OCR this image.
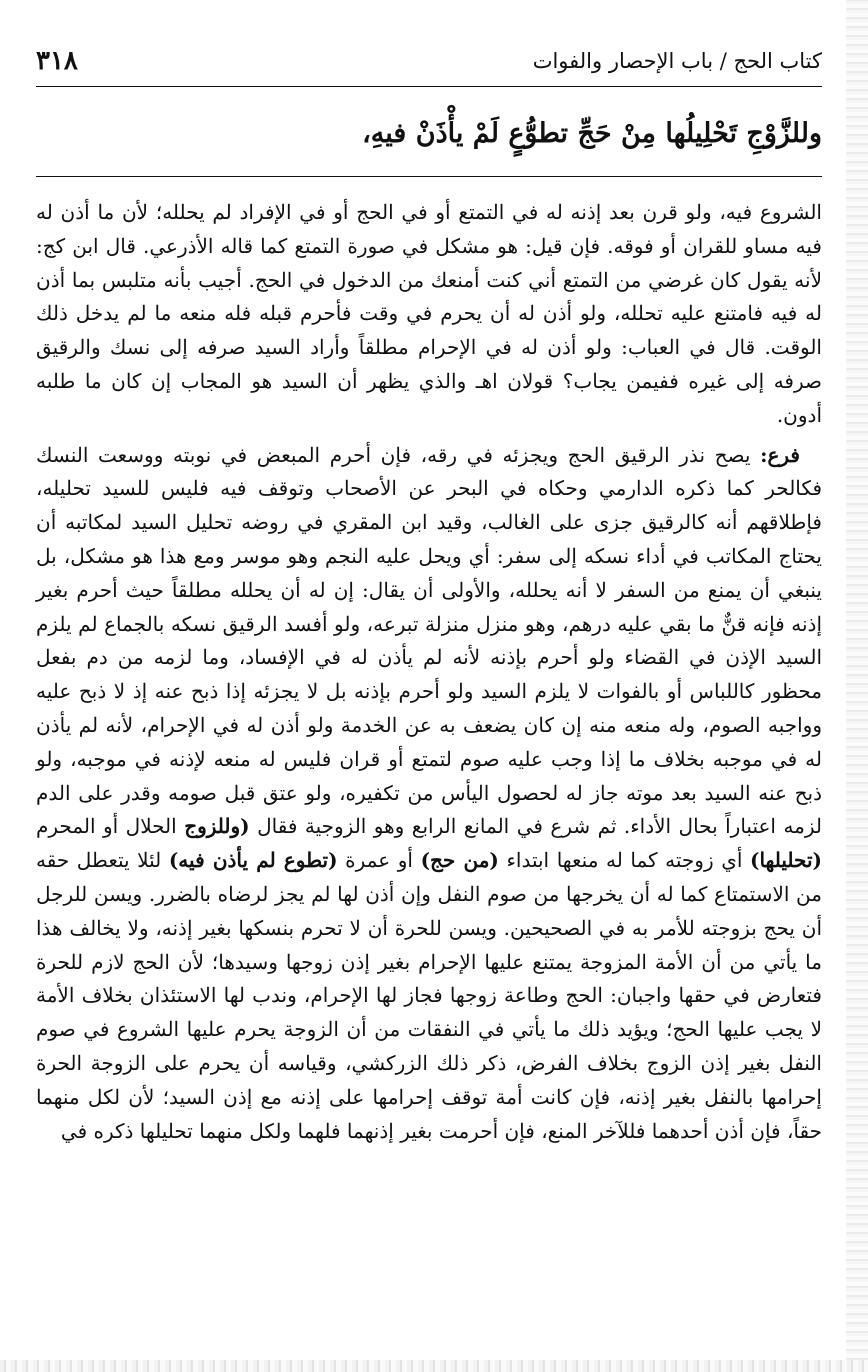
كتاب الحج / باب الإحصار والفوات
٣١٨
وللزَّوْجِ تَحْلِيلُها مِنْ حَجِّ تطوُّعٍ لَمْ يأْذَنْ فيهِ،

الشروع فيه، ولو قرن بعد إذنه له في التمتع أو في الحج أو في الإفراد لم يحلله؛ لأن ما أذن له فيه مساو للقران أو فوقه. فإن قيل: هو مشكل في صورة التمتع كما قاله الأذرعي. قال ابن كج: لأنه يقول كان غرضي من التمتع أني كنت أمنعك من الدخول في الحج. أجيب بأنه متلبس بما أذن له فيه فامتنع عليه تحلله، ولو أذن له أن يحرم في وقت فأحرم قبله فله منعه ما لم يدخل ذلك الوقت. قال في العباب: ولو أذن له في الإحرام مطلقاً وأراد السيد صرفه إلى نسك والرقيق صرفه إلى غيره ففيمن يجاب؟ قولان اهـ والذي يظهر أن السيد هو المجاب إن كان ما طلبه أدون.

فرع: يصح نذر الرقيق الحج ويجزئه في رقه، فإن أحرم المبعض في نوبته ووسعت النسك فكالحر كما ذكره الدارمي وحكاه في البحر عن الأصحاب وتوقف فيه فليس للسيد تحليله، فإطلاقهم أنه كالرقيق جزى على الغالب، وقيد ابن المقري في روضه تحليل السيد لمكاتبه أن يحتاج المكاتب في أداء نسكه إلى سفر: أي ويحل عليه النجم وهو موسر ومع هذا هو مشكل، بل ينبغي أن يمنع من السفر لا أنه يحلله، والأولى أن يقال: إن له أن يحلله مطلقاً حيث أحرم بغير إذنه فإنه قنٌّ ما بقي عليه درهم، وهو منزل منزلة تبرعه، ولو أفسد الرقيق نسكه بالجماع لم يلزم السيد الإذن في القضاء ولو أحرم بإذنه لأنه لم يأذن له في الإفساد، وما لزمه من دم بفعل محظور كاللباس أو بالفوات لا يلزم السيد ولو أحرم بإذنه بل لا يجزئه إذا ذبح عنه إذ لا ذبح عليه وواجبه الصوم، وله منعه منه إن كان يضعف به عن الخدمة ولو أذن له في الإحرام، لأنه لم يأذن له في موجبه بخلاف ما إذا وجب عليه صوم لتمتع أو قران فليس له منعه لإذنه في موجبه، ولو ذبح عنه السيد بعد موته جاز له لحصول اليأس من تكفيره، ولو عتق قبل صومه وقدر على الدم لزمه اعتباراً بحال الأداء. ثم شرع في المانع الرابع وهو الزوجية فقال (وللزوج الحلال أو المحرم (تحليلها) أي زوجته كما له منعها ابتداء (من حج) أو عمرة (تطوع لم يأذن فيه) لئلا يتعطل حقه من الاستمتاع كما له أن يخرجها من صوم النفل وإن أذن لها لم يجز لرضاه بالضرر. ويسن للرجل أن يحج بزوجته للأمر به في الصحيحين. ويسن للحرة أن لا تحرم بنسكها بغير إذنه، ولا يخالف هذا ما يأتي من أن الأمة المزوجة يمتنع عليها الإحرام بغير إذن زوجها وسيدها؛ لأن الحج لازم للحرة فتعارض في حقها واجبان: الحج وطاعة زوجها فجاز لها الإحرام، وندب لها الاستئذان بخلاف الأمة لا يجب عليها الحج؛ ويؤيد ذلك ما يأتي في النفقات من أن الزوجة يحرم عليها الشروع في صوم النفل بغير إذن الزوج بخلاف الفرض، ذكر ذلك الزركشي، وقياسه أن يحرم على الزوجة الحرة إحرامها بالنفل بغير إذنه، فإن كانت أمة توقف إحرامها على إذنه مع إذن السيد؛ لأن لكل منهما حقاً، فإن أذن أحدهما فللآخر المنع، فإن أحرمت بغير إذنهما فلهما ولكل منهما تحليلها ذكره في
